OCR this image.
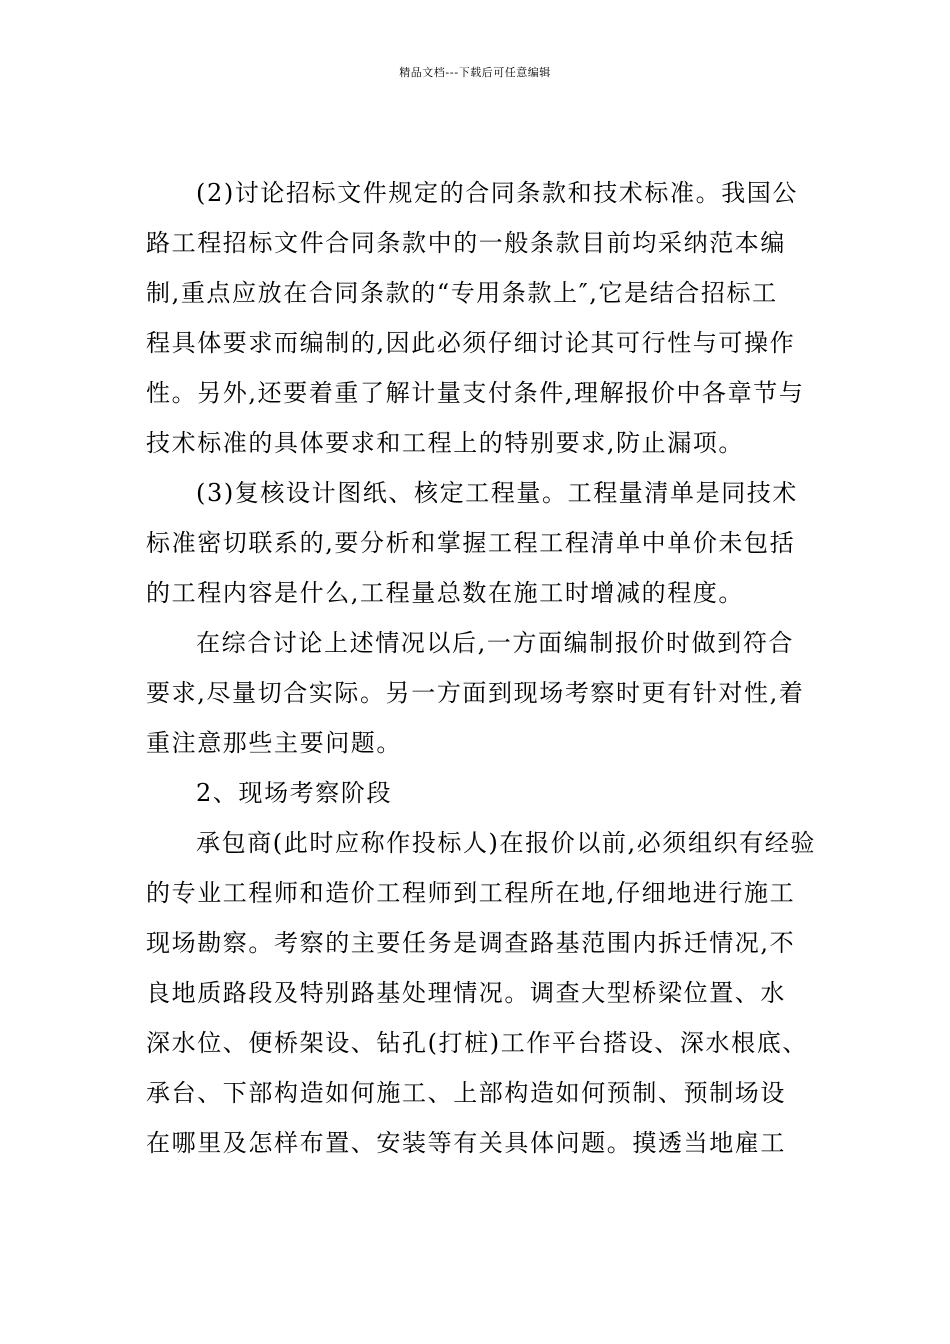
精品文档---下载后可任意编辑
(2)讨论招标文件规定的合同条款和技术标准。我国公
路工程招标文件合同条款中的一般条款目前均采纳范本编
制,重点应放在合同条款的“专用条款上″,它是结合招标工
程具体要求而编制的,因此必须仔细讨论其可行性与可操作
性。另外,还要着重了解计量支付条件,理解报价中各章节与
技术标准的具体要求和工程上的特别要求,防止漏项。
(3)复核设计图纸、核定工程量。工程量清单是同技术
标准密切联系的,要分析和掌握工程工程清单中单价未包括
的工程内容是什么,工程量总数在施工时增减的程度。
在综合讨论上述情况以后,一方面编制报价时做到符合
要求,尽量切合实际。另一方面到现场考察时更有针对性,着
重注意那些主要问题。
2、现场考察阶段
承包商(此时应称作投标人)在报价以前,必须组织有经验
的专业工程师和造价工程师到工程所在地,仔细地进行施工
现场勘察。考察的主要任务是调查路基范围内拆迁情况,不
良地质路段及特别路基处理情况。调查大型桥梁位置、水
深水位、便桥架设、钻孔(打桩)工作平台搭设、深水根底、
承台、下部构造如何施工、上部构造如何预制、预制场设
在哪里及怎样布置、安装等有关具体问题。摸透当地雇工
